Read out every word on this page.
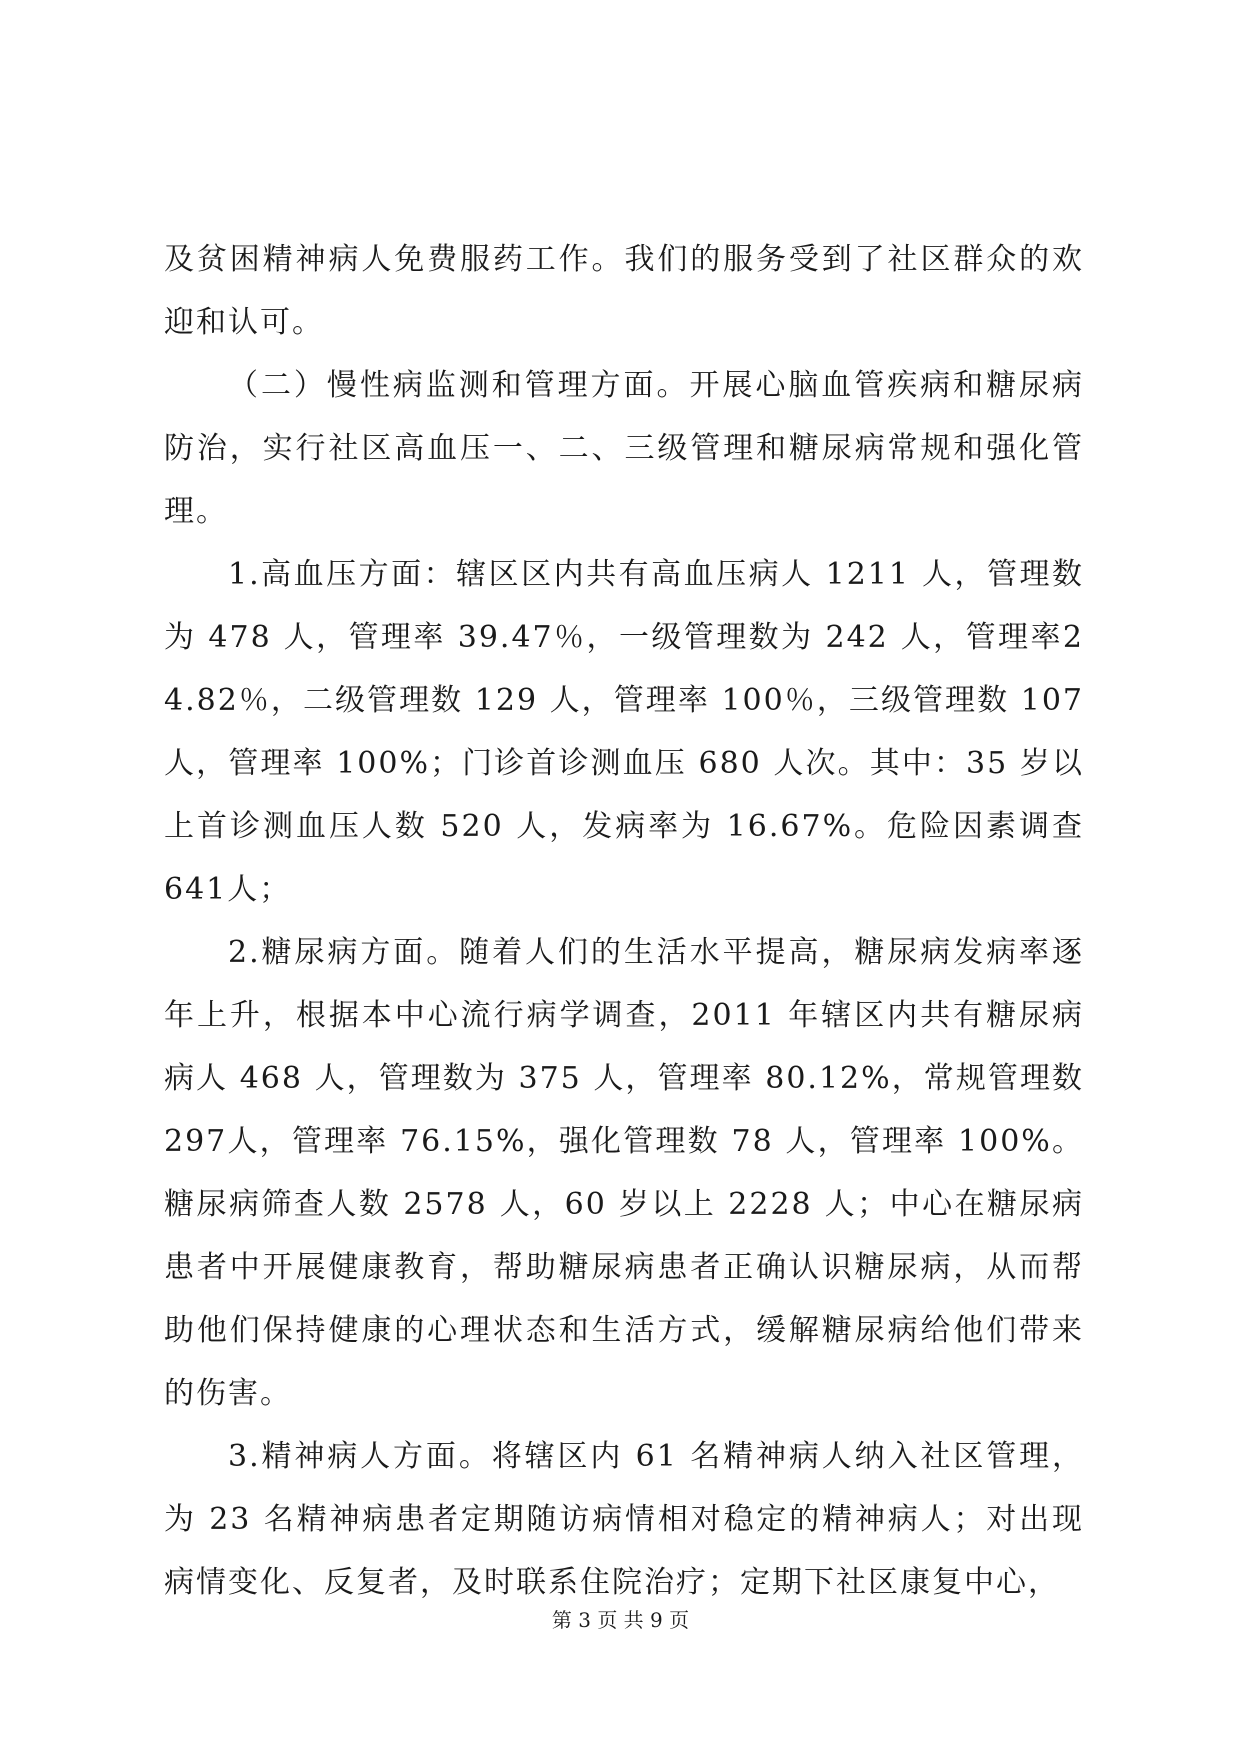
及贫困精神病人免费服药工作。我们的服务受到了社区群众的欢迎和认可。

（二）慢性病监测和管理方面。开展心脑血管疾病和糖尿病防治，实行社区高血压一、二、三级管理和糖尿病常规和强化管理。

1.高血压方面：辖区区内共有高血压病人 1211 人，管理数为 478 人，管理率 39.47％，一级管理数为 242 人，管理率24.82％，二级管理数 129 人，管理率 100％，三级管理数 107人，管理率 100%；门诊首诊测血压 680 人次。其中：35 岁以上首诊测血压人数 520 人，发病率为 16.67%。危险因素调查 641人；

2.糖尿病方面。随着人们的生活水平提高，糖尿病发病率逐年上升，根据本中心流行病学调查，2011 年辖区内共有糖尿病病人 468 人，管理数为 375 人，管理率 80.12%，常规管理数 297人，管理率 76.15%，强化管理数 78 人，管理率 100%。糖尿病筛查人数 2578 人，60 岁以上 2228 人；中心在糖尿病患者中开展健康教育，帮助糖尿病患者正确认识糖尿病，从而帮助他们保持健康的心理状态和生活方式，缓解糖尿病给他们带来的伤害。

3.精神病人方面。将辖区内 61 名精神病人纳入社区管理，为 23 名精神病患者定期随访病情相对稳定的精神病人；对出现病情变化、反复者，及时联系住院治疗；定期下社区康复中心，

第 3 页 共 9 页
